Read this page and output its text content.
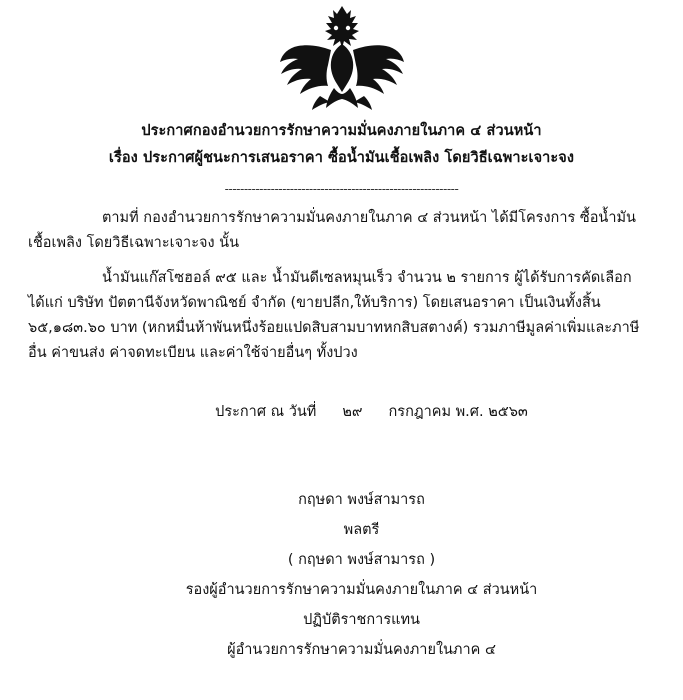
ประกาศกองอำนวยการรักษาความมั่นคงภายในภาค ๔ ส่วนหน้า
เรื่อง ประกาศผู้ชนะการเสนอราคา ซื้อน้ำมันเชื้อเพลิง โดยวิธีเฉพาะเจาะจง
-------------------------------------------------------------
ตามที่ กองอำนวยการรักษาความมั่นคงภายในภาค ๔ ส่วนหน้า ได้มีโครงการ ซื้อน้ำมันเชื้อเพลิง โดยวิธีเฉพาะเจาะจง นั้น
น้ำมันแก๊สโซฮอล์ ๙๕ และ น้ำมันดีเซลหมุนเร็ว จำนวน ๒ รายการ ผู้ได้รับการคัดเลือก ได้แก่ บริษัท ปัตตานีจังหวัดพาณิชย์ จำกัด (ขายปลีก,ให้บริการ) โดยเสนอราคา เป็นเงินทั้งสิ้น ๖๕,๑๘๓.๖๐ บาท (หกหมื่นห้าพันหนึ่งร้อยแปดสิบสามบาทหกสิบสตางค์) รวมภาษีมูลค่าเพิ่มและภาษีอื่น ค่าขนส่ง ค่าจดทะเบียน และค่าใช้จ่ายอื่นๆ ทั้งปวง
ประกาศ ณ วันที่ ๒๙ กรกฎาคม พ.ศ. ๒๕๖๓
กฤษดา พงษ์สามารถ
พลตรี
( กฤษดา พงษ์สามารถ )
รองผู้อำนวยการรักษาความมั่นคงภายในภาค ๔ ส่วนหน้า
ปฏิบัติราชการแทน
ผู้อำนวยการรักษาความมั่นคงภายในภาค ๔
